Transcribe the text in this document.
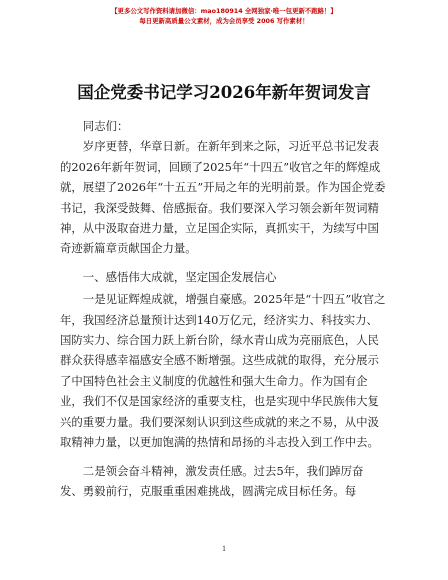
【更多公文写作资料请加微信：mao180914 全网独家·唯一包更新不跑路！】
每日更新高质量公文素材，成为会员享受 2006 写作素材！
国企党委书记学习2026年新年贺词发言

同志们：

岁序更替，华章日新。在新年到来之际，习近平总书记发表的2026年新年贺词，回顾了2025年“十四五”收官之年的辉煌成就，展望了2026年“十五五”开局之年的光明前景。作为国企党委书记，我深受鼓舞、倍感振奋。我们要深入学习领会新年贺词精神，从中汲取奋进力量，立足国企实际，真抓实干，为续写中国奇迹新篇章贡献国企力量。

一、感悟伟大成就，坚定国企发展信心

一是见证辉煌成就，增强自豪感。2025年是“十四五”收官之年，我国经济总量预计达到140万亿元，经济实力、科技实力、国防实力、综合国力跃上新台阶，绿水青山成为亮丽底色，人民群众获得感幸福感安全感不断增强。这些成就的取得，充分展示了中国特色社会主义制度的优越性和强大生命力。作为国有企业，我们不仅是国家经济的重要支柱，也是实现中华民族伟大复兴的重要力量。我们要深刻认识到这些成就的来之不易，从中汲取精神力量，以更加饱满的热情和昂扬的斗志投入到工作中去。

二是领会奋斗精神，激发责任感。过去5年，我们踔厉奋发、勇毅前行，克服重重困难挑战，圆满完成目标任务。每

1
